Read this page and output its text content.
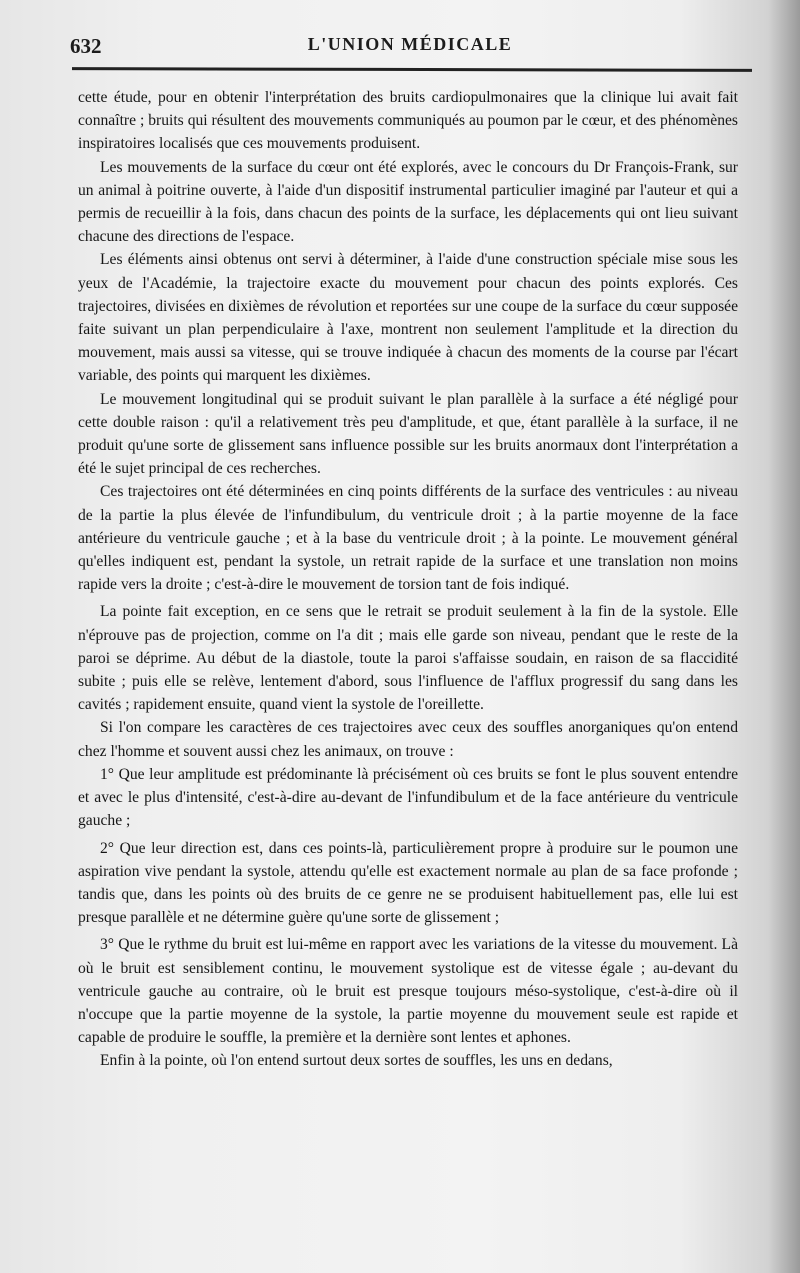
632	L'UNION MÉDICALE

cette étude, pour en obtenir l'interprétation des bruits cardiopulmonaires que la clinique lui avait fait connaître ; bruits qui résultent des mouvements communiqués au poumon par le cœur, et des phénomènes inspiratoires localisés que ces mouvements produisent.

Les mouvements de la surface du cœur ont été explorés, avec le concours du Dr François-Frank, sur un animal à poitrine ouverte, à l'aide d'un dispositif instrumental particulier imaginé par l'auteur et qui a permis de recueillir à la fois, dans chacun des points de la surface, les déplacements qui ont lieu suivant chacune des directions de l'espace.

Les éléments ainsi obtenus ont servi à déterminer, à l'aide d'une construction spéciale mise sous les yeux de l'Académie, la trajectoire exacte du mouvement pour chacun des points explorés. Ces trajectoires, divisées en dixièmes de révolution et reportées sur une coupe de la surface du cœur supposée faite suivant un plan perpendiculaire à l'axe, montrent non seulement l'amplitude et la direction du mouvement, mais aussi sa vitesse, qui se trouve indiquée à chacun des moments de la course par l'écart variable, des points qui marquent les dixièmes.

Le mouvement longitudinal qui se produit suivant le plan parallèle à la surface a été négligé pour cette double raison : qu'il a relativement très peu d'amplitude, et que, étant parallèle à la surface, il ne produit qu'une sorte de glissement sans influence possible sur les bruits anormaux dont l'interprétation a été le sujet principal de ces recherches.

Ces trajectoires ont été déterminées en cinq points différents de la surface des ventricules : au niveau de la partie la plus élevée de l'infundibulum, du ventricule droit ; à la partie moyenne de la face antérieure du ventricule gauche ; et à la base du ventricule droit ; à la pointe. Le mouvement général qu'elles indiquent est, pendant la systole, un retrait rapide de la surface et une translation non moins rapide vers la droite ; c'est-à-dire le mouvement de torsion tant de fois indiqué.

La pointe fait exception, en ce sens que le retrait se produit seulement à la fin de la systole. Elle n'éprouve pas de projection, comme on l'a dit ; mais elle garde son niveau, pendant que le reste de la paroi se déprime. Au début de la diastole, toute la paroi s'affaisse soudain, en raison de sa flaccidité subite ; puis elle se relève, lentement d'abord, sous l'influence de l'afflux progressif du sang dans les cavités ; rapidement ensuite, quand vient la systole de l'oreillette.

Si l'on compare les caractères de ces trajectoires avec ceux des souffles anorganiques qu'on entend chez l'homme et souvent aussi chez les animaux, on trouve :

1° Que leur amplitude est prédominante là précisément où ces bruits se font le plus souvent entendre et avec le plus d'intensité, c'est-à-dire au-devant de l'infundibulum et de la face antérieure du ventricule gauche ;

2° Que leur direction est, dans ces points-là, particulièrement propre à produire sur le poumon une aspiration vive pendant la systole, attendu qu'elle est exactement normale au plan de sa face profonde ; tandis que, dans les points où des bruits de ce genre ne se produisent habituellement pas, elle lui est presque parallèle et ne détermine guère qu'une sorte de glissement ;

3° Que le rythme du bruit est lui-même en rapport avec les variations de la vitesse du mouvement. Là où le bruit est sensiblement continu, le mouvement systolique est de vitesse égale ; au-devant du ventricule gauche au contraire, où le bruit est presque toujours méso-systolique, c'est-à-dire où il n'occupe que la partie moyenne de la systole, la partie moyenne du mouvement seule est rapide et capable de produire le souffle, la première et la dernière sont lentes et aphones.

Enfin à la pointe, où l'on entend surtout deux sortes de souffles, les uns en dedans,
